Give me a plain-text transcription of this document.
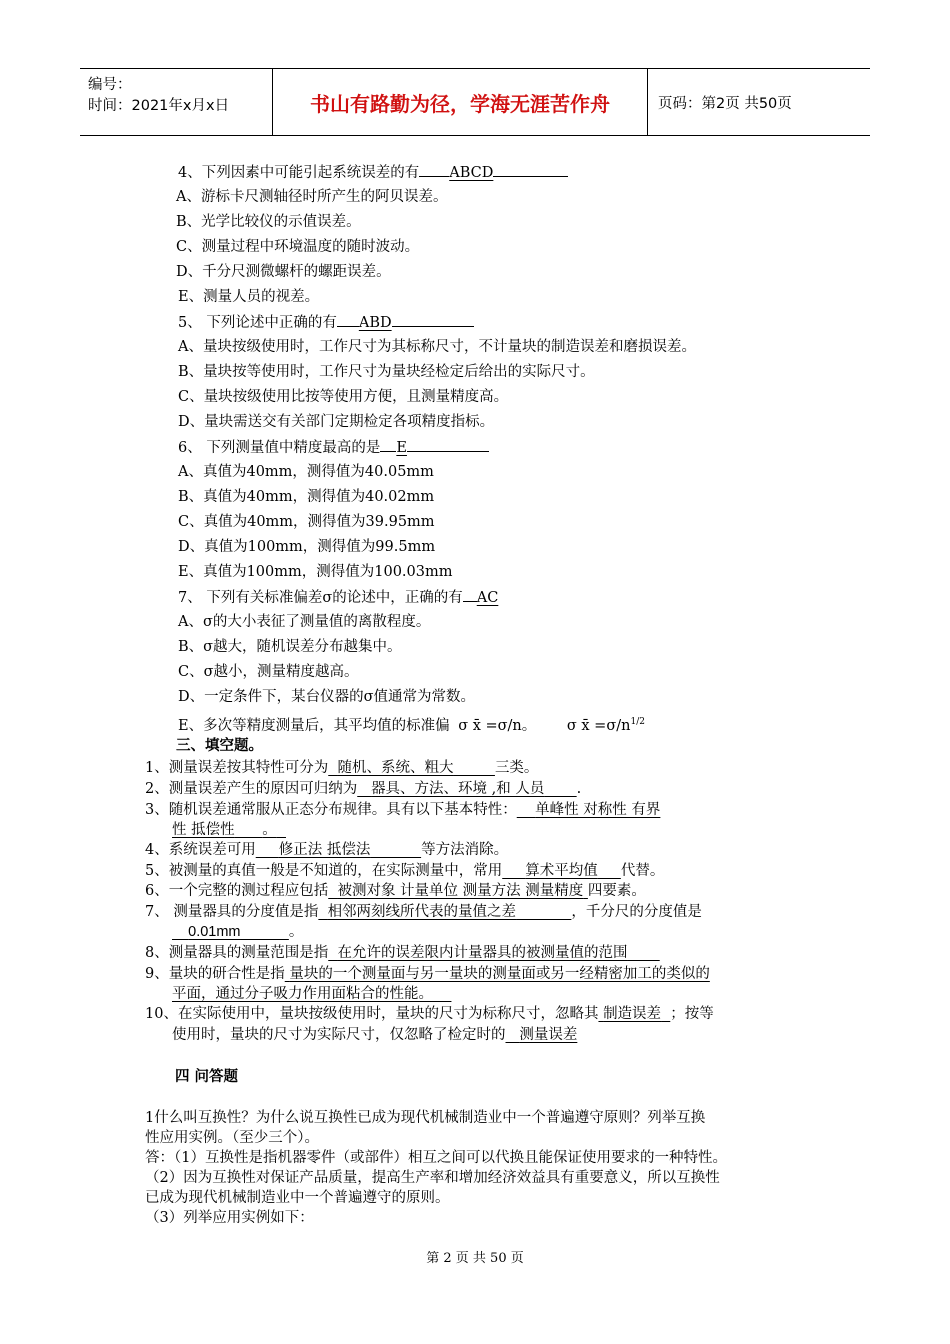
编号：
时间：2021年x月x日	书山有路勤为径，学海无涯苦作舟	页码：第2页 共50页
4、下列因素中可能引起系统误差的有 ABCD
A、游标卡尺测轴径时所产生的阿贝误差。
B、光学比较仪的示值误差。
C、测量过程中环境温度的随时波动。
D、千分尺测微螺杆的螺距误差。
E、测量人员的视差。
5、 下列论述中正确的有 ABD
A、量块按级使用时，工作尺寸为其标称尺寸，不计量块的制造误差和磨损误差。
B、量块按等使用时，工作尺寸为量块经检定后给出的实际尺寸。
C、量块按级使用比按等使用方便，且测量精度高。
D、量块需送交有关部门定期检定各项精度指标。
6、 下列测量值中精度最高的是 E
A、真值为40mm，测得值为40.05mm
B、真值为40mm，测得值为40.02mm
C、真值为40mm，测得值为39.95mm
D、真值为100mm，测得值为99.5mm
E、真值为100mm，测得值为100.03mm
7、 下列有关标准偏差σ的论述中，正确的有 AC
A、σ的大小表征了测量值的离散程度。
B、σ越大，随机误差分布越集中。
C、σ越小，测量精度越高。
D、一定条件下，某台仪器的σ值通常为常数。
E、多次等精度测量后，其平均值的标准偏 σ x̄ =σ/n。 σ x̄ $=\sigma/n^{1/2}$
三、填空题。
1、测量误差按其特性可分为 随机、系统、粗大	三类。
2、测量误差产生的原因可归纳为 器具、方法、环境 ,和 人员 .
3、随机误差通常服从正态分布规律。具有以下基本特性： 单峰性 对称性 有界
性 抵偿性 。
4、系统误差可用 修正法 抵偿法	等方法消除。
5、被测量的真值一般是不知道的，在实际测量中，常用 算术平均值 代替。
6、一个完整的测过程应包括 被测对象 计量单位 测量方法 测量精度 四要素。
7、 测量器具的分度值是指 相邻两刻线所代表的量值之差	，千分尺的分度值是
0.01mm	。
8、测量器具的测量范围是指 在允许的误差限内计量器具的被测量值的范围
9、量块的研合性是指 量块的一个测量面与另一量块的测量面或另一经精密加工的类似的
平面，通过分子吸力作用面粘合的性能。
10、在实际使用中，量块按级使用时，量块的尺寸为标称尺寸，忽略其 制造误差 ；按等
使用时，量块的尺寸为实际尺寸，仅忽略了检定时的 测量误差
四 问答题
1什么叫互换性？为什么说互换性已成为现代机械制造业中一个普遍遵守原则？列举互换
性应用实例。（至少三个）。
答：（1）互换性是指机器零件（或部件）相互之间可以代换且能保证使用要求的一种特性。
（2）因为互换性对保证产品质量，提高生产率和增加经济效益具有重要意义，所以互换性
已成为现代机械制造业中一个普遍遵守的原则。
（3）列举应用实例如下：
第 2 页 共 50 页
